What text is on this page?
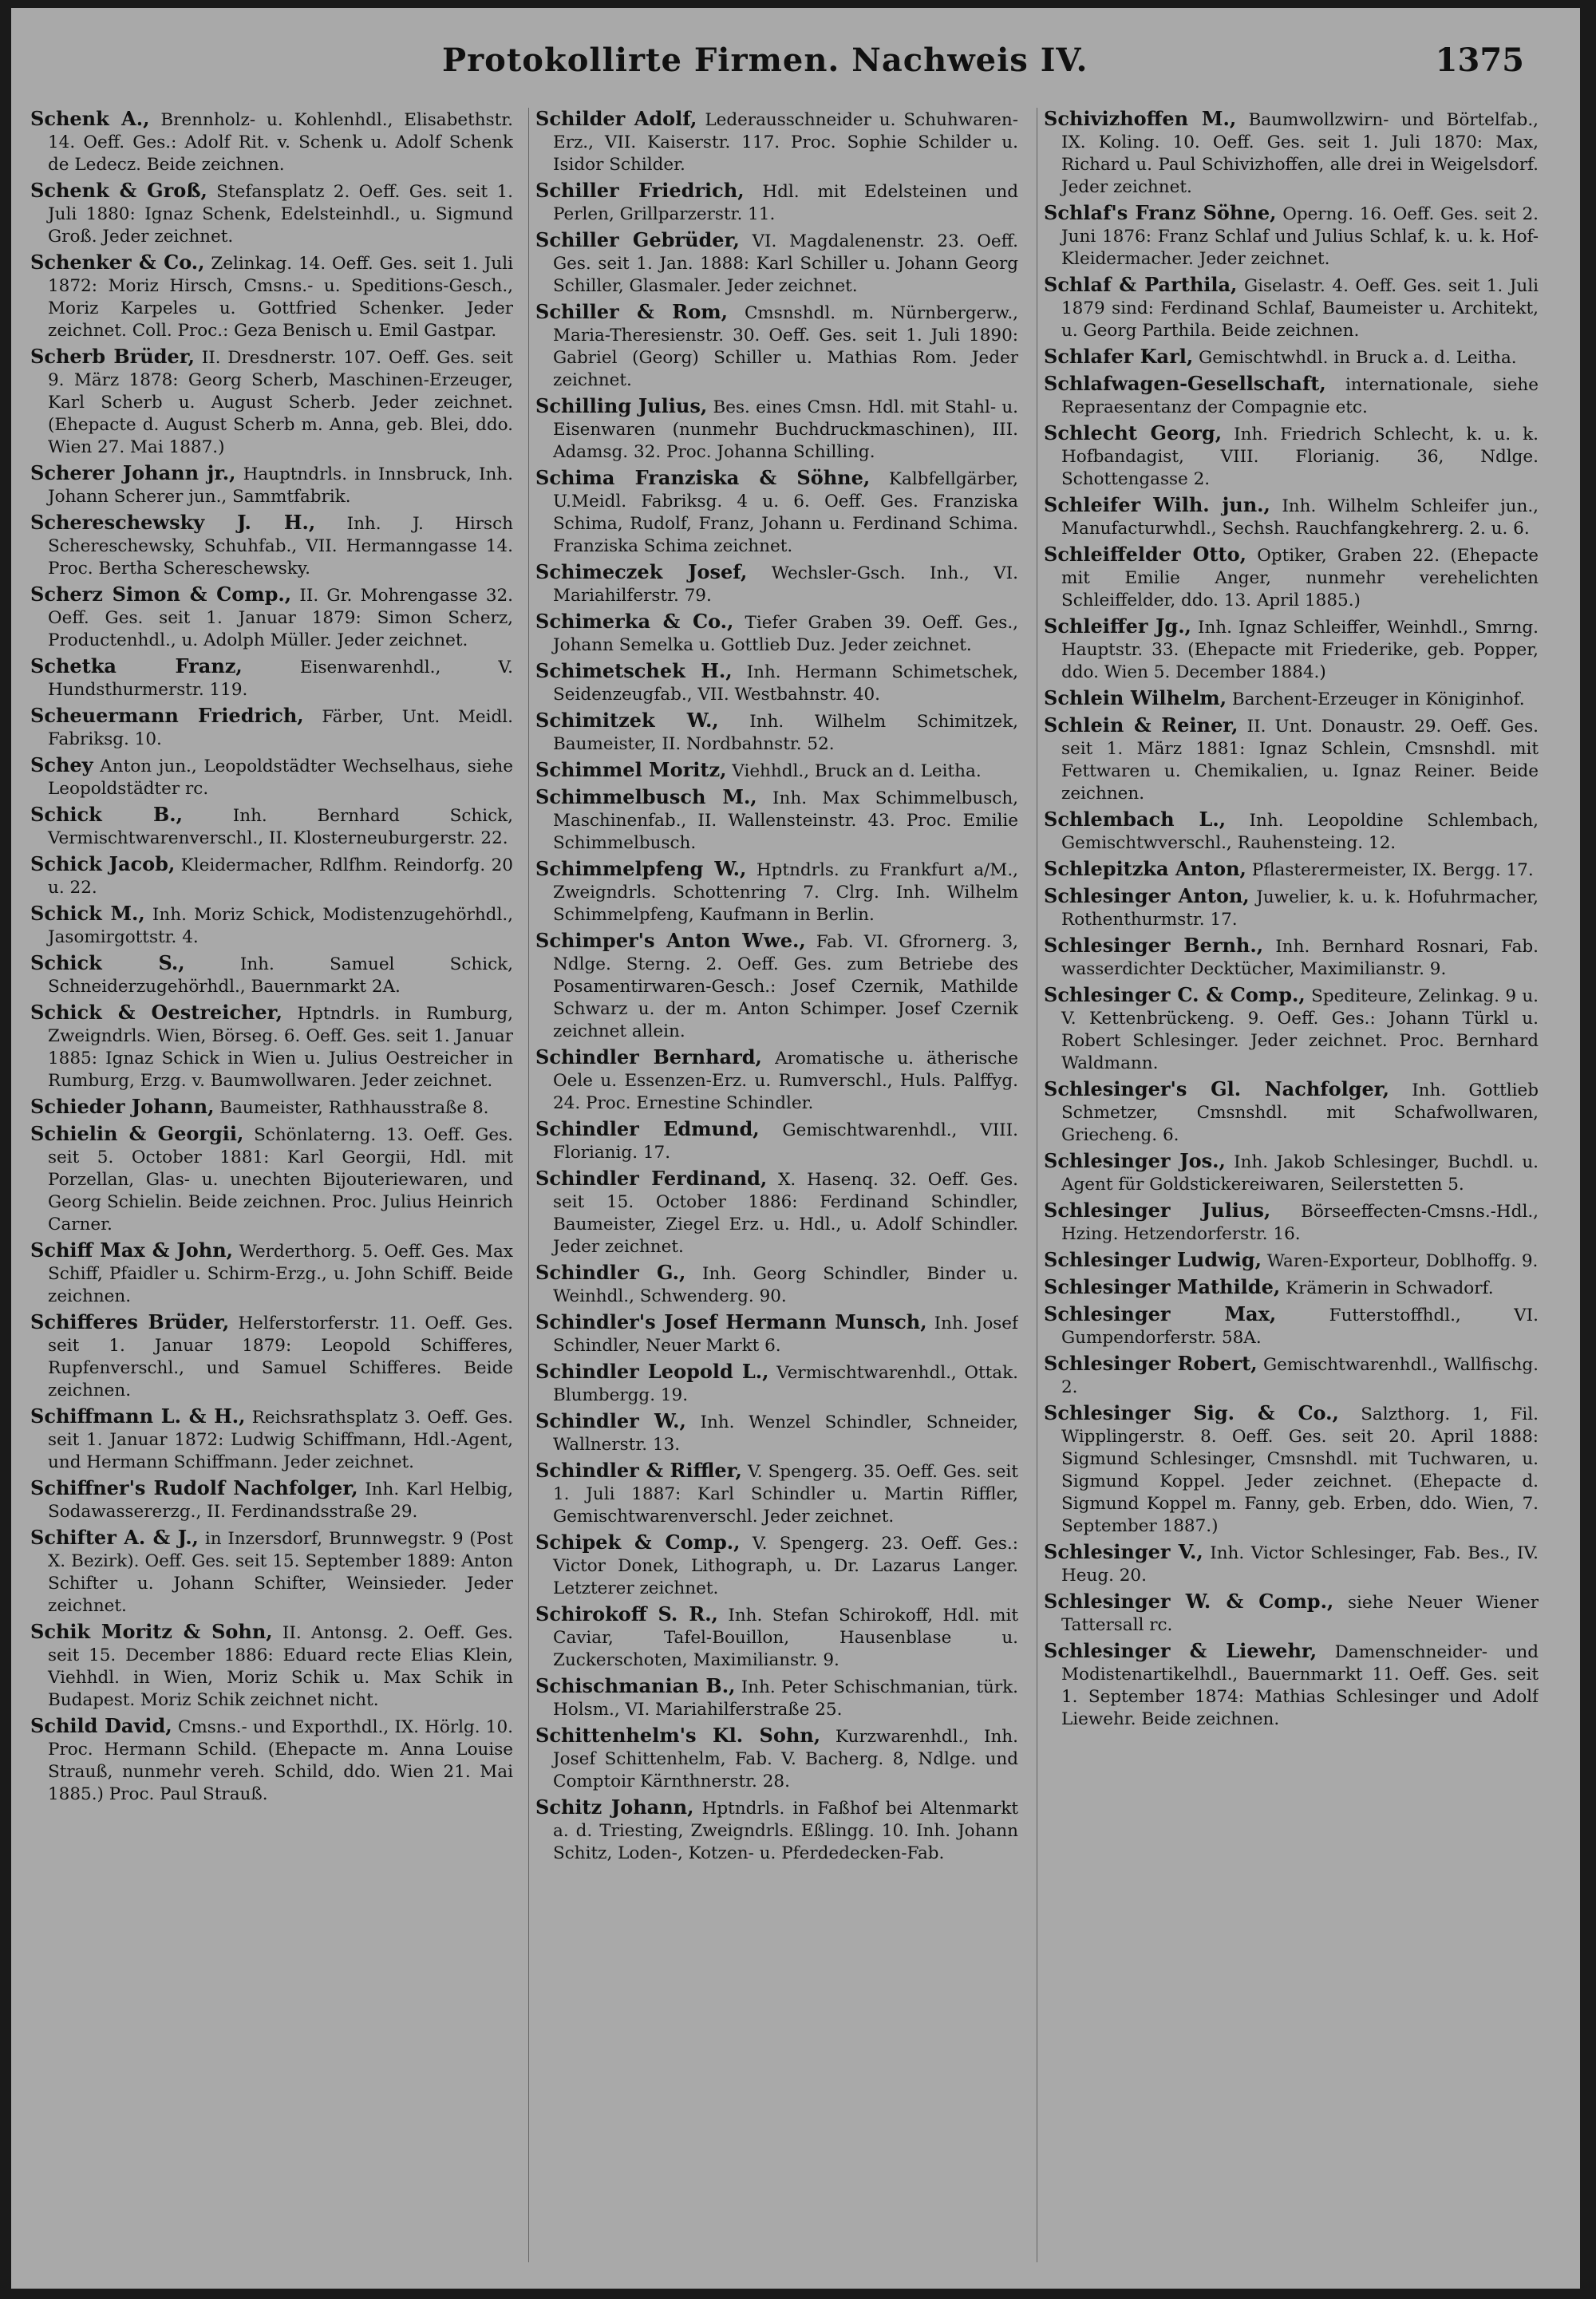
Protokollirte Firmen. Nachweis IV.	1375

Schenk A., Brennholz- u. Kohlenhdl., Elisabethstr. 14. Oeff. Ges.: Adolf Rit. v. Schenk u. Adolf Schenk de Ledecz. Beide zeichnen.

Schenk & Groß, Stefansplatz 2. Oeff. Ges. seit 1. Juli 1880: Ignaz Schenk, Edelsteinhdl., u. Sigmund Groß. Jeder zeichnet.

Schenker & Co., Zelinkag. 14. Oeff. Ges. seit 1. Juli 1872: Moriz Hirsch, Cmsns.- u. Speditions-Gesch., Moriz Karpeles u. Gottfried Schenker. Jeder zeichnet. Coll. Proc.: Geza Benisch u. Emil Gastpar.

Scherb Brüder, II. Dresdnerstr. 107. Oeff. Ges. seit 9. März 1878: Georg Scherb, Maschinen-Erzeuger, Karl Scherb u. August Scherb. Jeder zeichnet. (Ehepacte d. August Scherb m. Anna, geb. Blei, ddo. Wien 27. Mai 1887.)

Scherer Johann jr., Hauptndrls. in Innsbruck, Inh. Johann Scherer jun., Sammtfabrik.

Schereschewsky J. H., Inh. J. Hirsch Schereschewsky, Schuhfab., VII. Hermanngasse 14. Proc. Bertha Schereschewsky.

Scherz Simon & Comp., II. Gr. Mohrengasse 32. Oeff. Ges. seit 1. Januar 1879: Simon Scherz, Productenhdl., u. Adolph Müller. Jeder zeichnet.

Schetka Franz,	Eisenwarenhdl., V. Hundsthurmerstr. 119.

Scheuermann Friedrich, Färber, Unt. Meidl. Fabriksg. 10.

Schey Anton jun., Leopoldstädter Wechselhaus, siehe Leopoldstädter rc.

Schick B.,	Inh. Bernhard Schick, Vermischtwarenverschl., II. Klosterneuburgerstr. 22.

Schick Jacob, Kleidermacher, Rdlfhm. Reindorfg. 20 u. 22.

Schick M., Inh. Moriz Schick, Modistenzugehörhdl., Jasomirgottstr. 4.

Schick S.,	Inh. Samuel Schick, Schneiderzugehörhdl., Bauernmarkt 2A.

Schick & Oestreicher, Hptndrls. in Rumburg, Zweigndrls. Wien, Börseg. 6. Oeff. Ges. seit 1. Januar 1885: Ignaz Schick in Wien u. Julius Oestreicher in Rumburg, Erzg. v. Baumwollwaren. Jeder zeichnet.

Schieder Johann, Baumeister, Rathhausstraße 8.

Schielin & Georgii, Schönlaterng. 13. Oeff. Ges. seit 5. October 1881: Karl Georgii, Hdl. mit Porzellan, Glas- u. unechten Bijouteriewaren, und Georg Schielin. Beide zeichnen. Proc. Julius Heinrich Carner.

Schiff Max & John, Werderthorg. 5. Oeff. Ges. Max Schiff, Pfaidler u. Schirm-Erzg., u. John Schiff. Beide zeichnen.

Schifferes Brüder, Helferstorferstr. 11. Oeff. Ges. seit 1. Januar 1879: Leopold Schifferes, Rupfenverschl., und Samuel Schifferes. Beide zeichnen.

Schiffmann L. & H., Reichsrathsplatz 3. Oeff. Ges. seit 1. Januar 1872: Ludwig Schiffmann, Hdl.-Agent, und Hermann Schiffmann. Jeder zeichnet.

Schiffner's Rudolf Nachfolger, Inh. Karl Helbig, Sodawassererzg., II. Ferdinandsstraße 29.

Schifter A. & J., in Inzersdorf, Brunnwegstr. 9 (Post X. Bezirk). Oeff. Ges. seit 15. September 1889: Anton Schifter u. Johann Schifter, Weinsieder. Jeder zeichnet.

Schik Moritz & Sohn, II. Antonsg. 2. Oeff. Ges. seit 15. December 1886: Eduard recte Elias Klein, Viehhdl. in Wien, Moriz Schik u. Max Schik in Budapest. Moriz Schik zeichnet nicht.

Schild David, Cmsns.- und Exporthdl., IX. Hörlg. 10. Proc. Hermann Schild. (Ehepacte m. Anna Louise Strauß, nunmehr vereh. Schild, ddo. Wien 21. Mai 1885.) Proc. Paul Strauß.

Schilder Adolf, Lederausschneider u. Schuhwaren-Erz., VII. Kaiserstr. 117. Proc. Sophie Schilder u. Isidor Schilder.

Schiller Friedrich, Hdl. mit Edelsteinen und Perlen, Grillparzerstr. 11.

Schiller Gebrüder, VI. Magdalenenstr. 23. Oeff. Ges. seit 1. Jan. 1888: Karl Schiller u. Johann Georg Schiller, Glasmaler. Jeder zeichnet.

Schiller & Rom, Cmsnshdl. m. Nürnbergerw., Maria-Theresienstr. 30. Oeff. Ges. seit 1. Juli 1890: Gabriel (Georg) Schiller u. Mathias Rom. Jeder zeichnet.

Schilling Julius, Bes. eines Cmsn. Hdl. mit Stahl- u. Eisenwaren (nunmehr Buchdruckmaschinen), III. Adamsg. 32. Proc. Johanna Schilling.

Schima Franziska & Söhne, Kalbfellgärber, U.Meidl. Fabriksg. 4 u. 6. Oeff. Ges. Franziska Schima, Rudolf, Franz, Johann u. Ferdinand Schima. Franziska Schima zeichnet.

Schimeczek Josef, Wechsler-Gsch. Inh., VI. Mariahilferstr. 79.

Schimerka & Co., Tiefer Graben 39. Oeff. Ges., Johann Semelka u. Gottlieb Duz. Jeder zeichnet.

Schimetschek H., Inh. Hermann Schimetschek, Seidenzeugfab., VII. Westbahnstr. 40.

Schimitzek W., Inh. Wilhelm Schimitzek, Baumeister, II. Nordbahnstr. 52.

Schimmel Moritz, Viehhdl., Bruck an d. Leitha.

Schimmelbusch M., Inh. Max Schimmelbusch, Maschinenfab., II. Wallensteinstr. 43. Proc. Emilie Schimmelbusch.

Schimmelpfeng W., Hptndrls. zu Frankfurt a/M., Zweigndrls. Schottenring 7. Clrg. Inh. Wilhelm Schimmelpfeng, Kaufmann in Berlin.

Schimper's Anton Wwe., Fab. VI. Gfrornerg. 3, Ndlge. Sterng. 2. Oeff. Ges. zum Betriebe des Posamentirwaren-Gesch.: Josef Czernik, Mathilde Schwarz u. der m. Anton Schimper. Josef Czernik zeichnet allein.

Schindler Bernhard, Aromatische u. ätherische Oele u. Essenzen-Erz. u. Rumverschl., Huls. Palffyg. 24. Proc. Ernestine Schindler.

Schindler Edmund, Gemischtwarenhdl., VIII. Florianig. 17.

Schindler Ferdinand, X. Hasenq. 32. Oeff. Ges. seit 15. October 1886: Ferdinand Schindler, Baumeister, Ziegel Erz. u. Hdl., u. Adolf Schindler. Jeder zeichnet.

Schindler G., Inh. Georg Schindler, Binder u. Weinhdl., Schwenderg. 90.

Schindler's Josef Hermann Munsch, Inh. Josef Schindler, Neuer Markt 6.

Schindler Leopold L., Vermischtwarenhdl., Ottak. Blumbergg. 19.

Schindler W., Inh. Wenzel Schindler, Schneider, Wallnerstr. 13.

Schindler & Riffler, V. Spengerg. 35. Oeff. Ges. seit 1. Juli 1887: Karl Schindler u. Martin Riffler, Gemischtwarenverschl. Jeder zeichnet.

Schipek & Comp., V. Spengerg. 23. Oeff. Ges.: Victor Donek, Lithograph, u. Dr. Lazarus Langer. Letzterer zeichnet.

Schirokoff S. R., Inh. Stefan Schirokoff, Hdl. mit Caviar, Tafel-Bouillon, Hausenblase u. Zuckerschoten, Maximilianstr. 9.

Schischmanian B., Inh. Peter Schischmanian, türk. Holsm., VI. Mariahilferstraße 25.

Schittenhelm's Kl. Sohn, Kurzwarenhdl., Inh. Josef Schittenhelm, Fab. V. Bacherg. 8, Ndlge. und Comptoir Kärnthnerstr. 28.

Schitz Johann, Hptndrls. in Faßhof bei Altenmarkt a. d. Triesting, Zweigndrls. Eßlingg. 10. Inh. Johann Schitz, Loden-, Kotzen- u. Pferdedecken-Fab.

Schivizhoffen M., Baumwollzwirn- und Börtelfab., IX. Koling. 10. Oeff. Ges. seit 1. Juli 1870: Max, Richard u. Paul Schivizhoffen, alle drei in Weigelsdorf. Jeder zeichnet.

Schlaf's Franz Söhne, Operng. 16. Oeff. Ges. seit 2. Juni 1876: Franz Schlaf und Julius Schlaf, k. u. k. Hof-Kleidermacher. Jeder zeichnet.

Schlaf & Parthila, Giselastr. 4. Oeff. Ges. seit 1. Juli 1879 sind: Ferdinand Schlaf, Baumeister u. Architekt, u. Georg Parthila. Beide zeichnen.

Schlafer Karl, Gemischtwhdl. in Bruck a. d. Leitha.

Schlafwagen-Gesellschaft, internationale, siehe Repraesentanz der Compagnie etc.

Schlecht Georg, Inh. Friedrich Schlecht, k. u. k. Hofbandagist, VIII. Florianig. 36, Ndlge. Schottengasse 2.

Schleifer Wilh. jun., Inh. Wilhelm Schleifer jun., Manufacturwhdl., Sechsh. Rauchfangkehrerg. 2. u. 6.

Schleiffelder Otto, Optiker, Graben 22. (Ehepacte mit Emilie Anger, nunmehr verehelichten Schleiffelder, ddo. 13. April 1885.)

Schleiffer Jg., Inh. Ignaz Schleiffer, Weinhdl., Smrng. Hauptstr. 33. (Ehepacte mit Friederike, geb. Popper, ddo. Wien 5. December 1884.)

Schlein Wilhelm, Barchent-Erzeuger in Königinhof.

Schlein & Reiner, II. Unt. Donaustr. 29. Oeff. Ges. seit 1. März 1881: Ignaz Schlein, Cmsnshdl. mit Fettwaren u. Chemikalien, u. Ignaz Reiner. Beide zeichnen.

Schlembach L., Inh. Leopoldine Schlembach, Gemischtwverschl., Rauhensteing. 12.

Schlepitzka Anton, Pflasterermeister, IX. Bergg. 17.

Schlesinger Anton, Juwelier, k. u. k. Hofuhrmacher, Rothenthurmstr. 17.

Schlesinger Bernh., Inh. Bernhard Rosnari, Fab. wasserdichter Decktücher, Maximilianstr. 9.

Schlesinger C. & Comp., Spediteure, Zelinkag. 9 u. V. Kettenbrückeng. 9. Oeff. Ges.: Johann Türkl u. Robert Schlesinger. Jeder zeichnet. Proc. Bernhard Waldmann.

Schlesinger's Gl. Nachfolger, Inh. Gottlieb Schmetzer, Cmsnshdl. mit Schafwollwaren, Griecheng. 6.

Schlesinger Jos., Inh. Jakob Schlesinger, Buchdl. u. Agent für Goldstickereiwaren, Seilerstetten 5.

Schlesinger Julius, Börseeffecten-Cmsns.-Hdl., Hzing. Hetzendorferstr. 16.

Schlesinger Ludwig, Waren-Exporteur, Doblhoffg. 9.

Schlesinger Mathilde, Krämerin in Schwadorf.

Schlesinger Max,	Futterstoffhdl., VI. Gumpendorferstr. 58A.

Schlesinger Robert, Gemischtwarenhdl., Wallfischg. 2.

Schlesinger Sig. & Co., Salzthorg. 1, Fil. Wipplingerstr. 8. Oeff. Ges. seit 20. April 1888: Sigmund Schlesinger, Cmsnshdl. mit Tuchwaren, u. Sigmund Koppel. Jeder zeichnet. (Ehepacte d. Sigmund Koppel m. Fanny, geb. Erben, ddo. Wien, 7. September 1887.)

Schlesinger V., Inh. Victor Schlesinger, Fab. Bes., IV. Heug. 20.

Schlesinger W. & Comp., siehe Neuer Wiener Tattersall rc.

Schlesinger & Liewehr, Damenschneider- und Modistenartikelhdl., Bauernmarkt 11. Oeff. Ges. seit 1. September 1874: Mathias Schlesinger und Adolf Liewehr. Beide zeichnen.
